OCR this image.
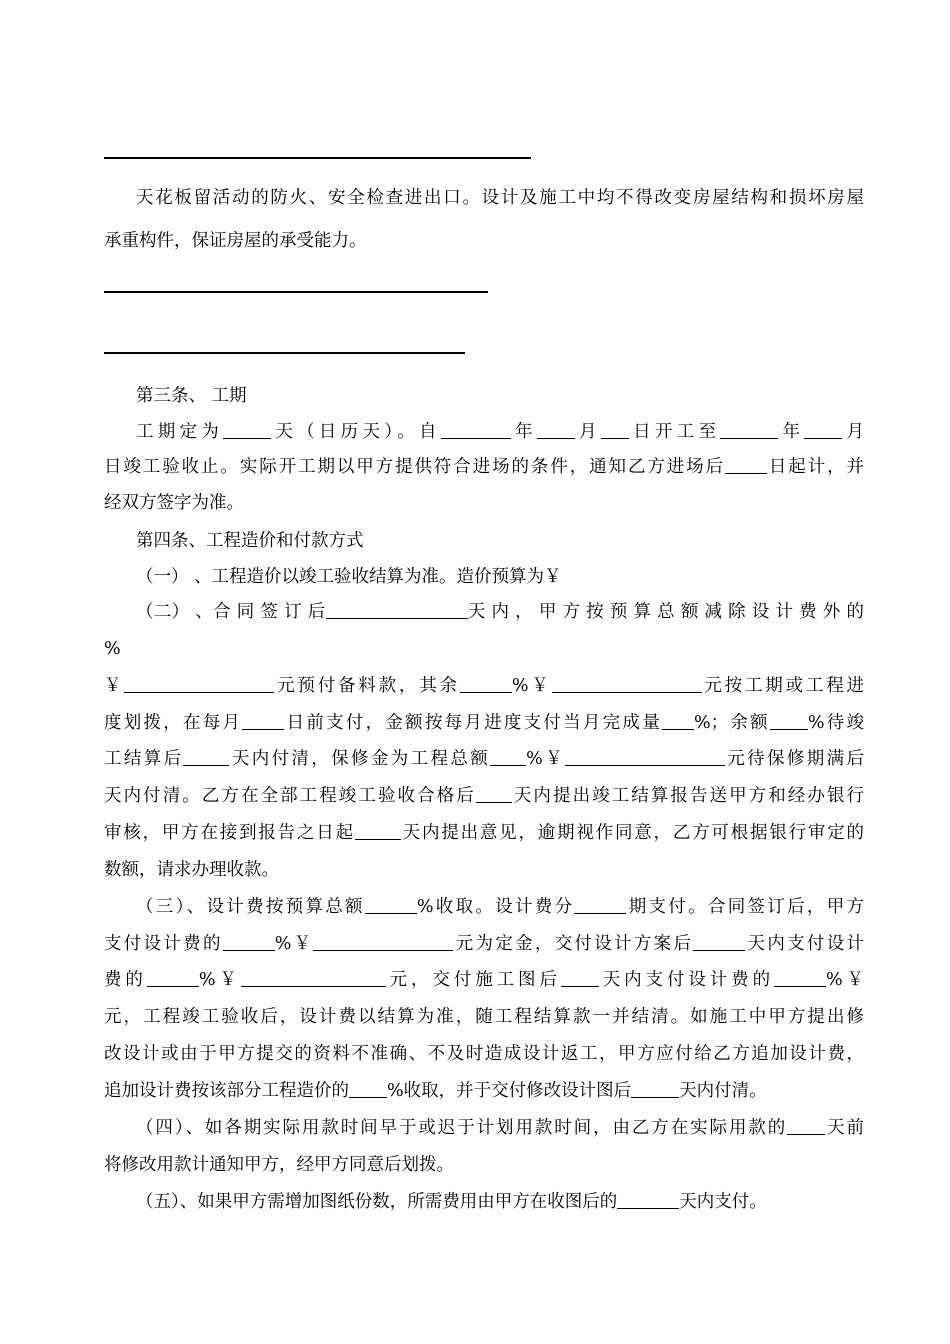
天花板留活动的防火、安全检查进出口。设计及施工中均不得改变房屋结构和损坏房屋
承重构件，保证房屋的承受能力。
第三条、 工期
工期定为	天（日历天）。自	年 月 日开工至	年 月
日竣工验收止。实际开工期以甲方提供符合进场的条件，通知乙方进场后 日起计，并
经双方签字为准。
第四条、工程造价和付款方式
（一） 、工程造价以竣工验收结算为准。造价预算为￥
（二） 、合 同 签 订 后	天 内 ， 甲 方 按 预 算 总 额 减 除 设 计 费 外 的
%
￥	元预付备料款，其余	%￥	元按工期或工程进
度划拨，在每月 日前支付，金额按每月进度支付当月完成量 %；余额 %待竣
工结算后	天内付清，保修金为工程总额 %￥	元待保修期满后
天内付清。乙方在全部工程竣工验收合格后 天内提出竣工结算报告送甲方和经办银行
审核，甲方在接到报告之日起	天内提出意见，逾期视作同意，乙方可根据银行审定的
数额，请求办理收款。
（三）、设计费按预算总额	%收取。设计费分	期支付。合同签订后，甲方
支付设计费的	%￥	元为定金，交付设计方案后	天内支付设计
费的	%￥	元，交付施工图后 天内支付设计费的	%￥
元，工程竣工验收后，设计费以结算为准，随工程结算款一并结清。如施工中甲方提出修
改设计或由于甲方提交的资料不准确、不及时造成设计返工，甲方应付给乙方追加设计费，
追加设计费按该部分工程造价的 %收取，并于交付修改设计图后	天内付清。
（四）、如各期实际用款时间早于或迟于计划用款时间，由乙方在实际用款的 天前
将修改用款计通知甲方，经甲方同意后划拨。
（五）、如果甲方需增加图纸份数，所需费用由甲方在收图后的	天内支付。
